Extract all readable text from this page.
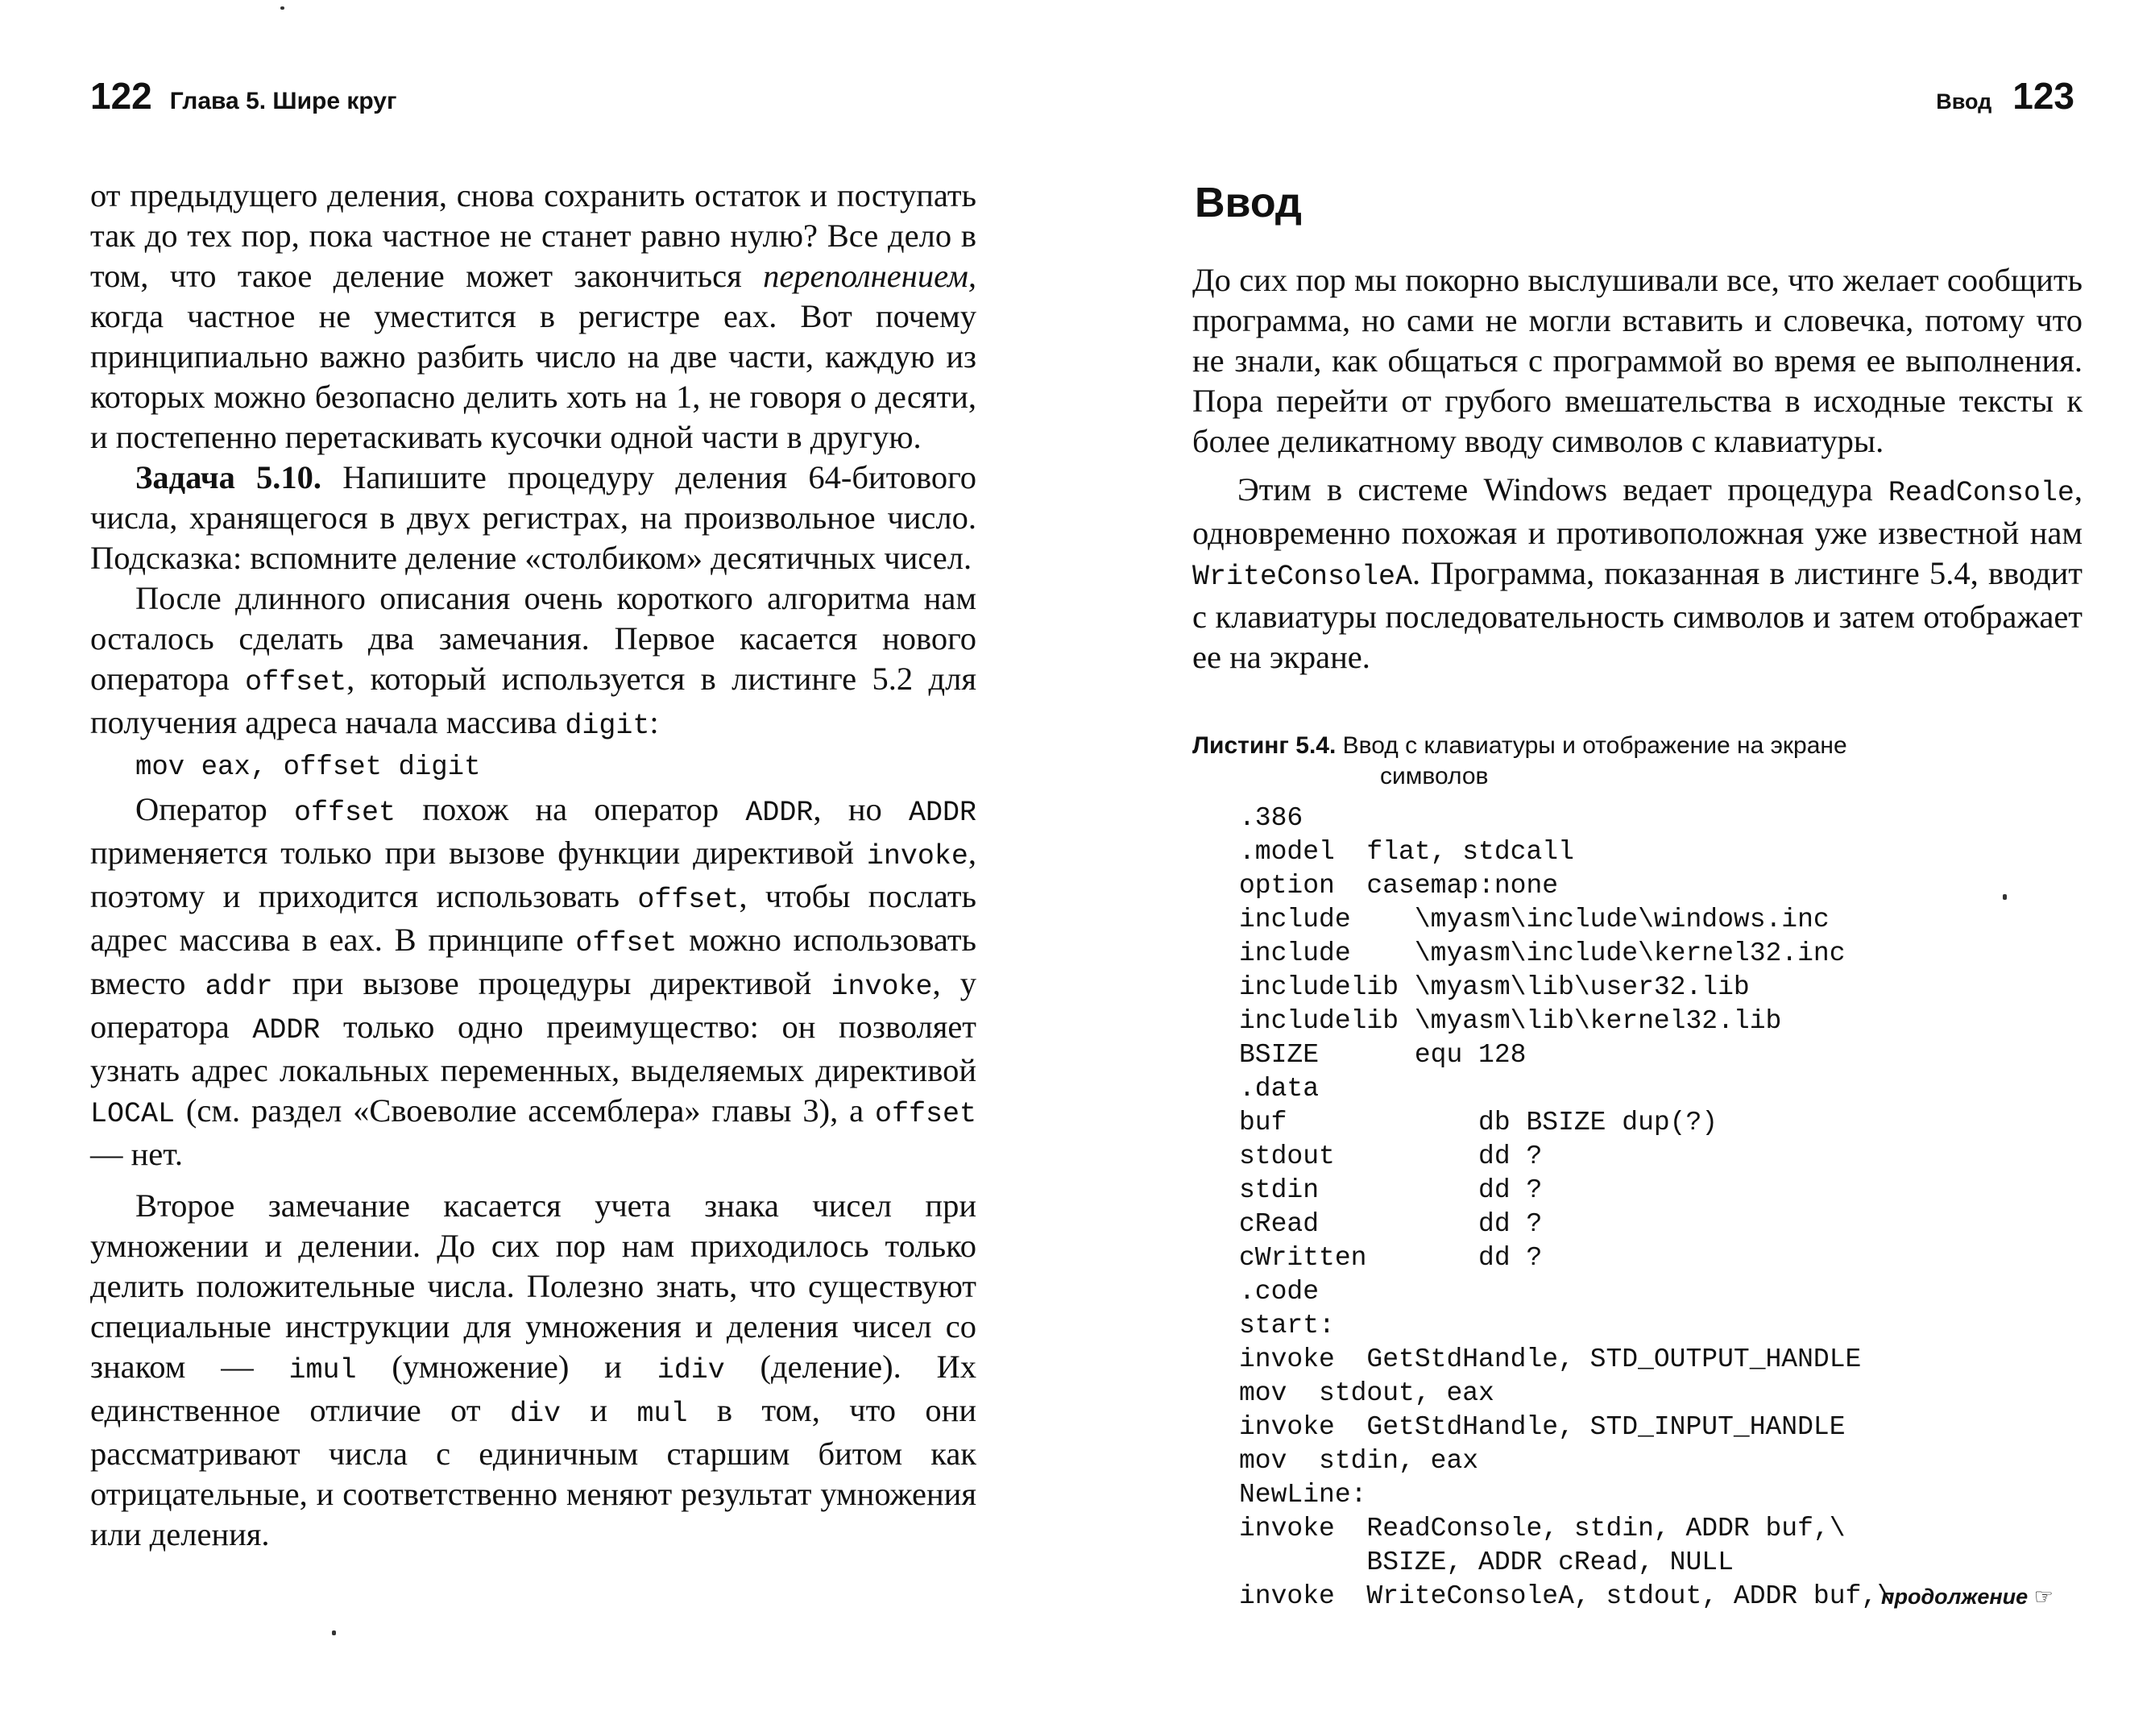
122 Глава 5. Шире круг

от предыдущего деления, снова сохранить остаток и поступать так до тех пор, пока частное не станет равно нулю? Все дело в том, что такое деление может закончиться переполнением, когда частное не уместится в регистре eax. Вот почему принципиально важно разбить число на две части, каждую из которых можно безопасно делить хоть на 1, не говоря о десяти, и постепенно перетаскивать кусочки одной части в другую.

Задача 5.10. Напишите процедуру деления 64-битового числа, хранящегося в двух регистрах, на произвольное число. Подсказка: вспомните деление «столбиком» десятичных чисел.

После длинного описания очень короткого алгоритма нам осталось сделать два замечания. Первое касается нового оператора offset, который используется в листинге 5.2 для получения адреса начала массива digit:

mov eax, offset digit

Оператор offset похож на оператор ADDR, но ADDR применяется только при вызове функции директивой invoke, поэтому и приходится использовать offset, чтобы послать адрес массива в eax. В принципе offset можно использовать вместо addr при вызове процедуры директивой invoke, у оператора ADDR только одно преимущество: он позволяет узнать адрес локальных переменных, выделяемых директивой LOCAL (см. раздел «Своеволие ассемблера» главы 3), а offset — нет.

Второе замечание касается учета знака чисел при умножении и делении. До сих пор нам приходилось только делить положительные числа. Полезно знать, что существуют специальные инструкции для умножения и деления чисел со знаком — imul (умножение) и idiv (деление). Их единственное отличие от div и mul в том, что они рассматривают числа с единичным старшим битом как отрицательные, и соответственно меняют результат умножения или деления.

Ввод 123
Ввод

До сих пор мы покорно выслушивали все, что желает сообщить программа, но сами не могли вставить и словечка, потому что не знали, как общаться с программой во время ее выполнения. Пора перейти от грубого вмешательства в исходные тексты к более деликатному вводу символов с клавиатуры.

Этим в системе Windows ведает процедура ReadConsole, одновременно похожая и противоположная уже известной нам WriteConsoleA. Программа, показанная в листинге 5.4, вводит с клавиатуры последовательность символов и затем отображает ее на экране.

Листинг 5.4. Ввод с клавиатуры и отображение на экране
символов
.386
.model  flat, stdcall
option  casemap:none
include    \myasm\include\windows.inc
include    \myasm\include\kernel32.inc
includelib \myasm\lib\user32.lib
includelib \myasm\lib\kernel32.lib
BSIZE      equ 128
.data
buf            db BSIZE dup(?)
stdout         dd ?
stdin          dd ?
cRead          dd ?
cWritten       dd ?
.code
start:
invoke  GetStdHandle, STD_OUTPUT_HANDLE
mov  stdout, eax
invoke  GetStdHandle, STD_INPUT_HANDLE
mov  stdin, eax
NewLine:
invoke  ReadConsole, stdin, ADDR buf,\
BSIZE, ADDR cRead, NULL
invoke  WriteConsoleA, stdout, ADDR buf,\
продолжение ☞
